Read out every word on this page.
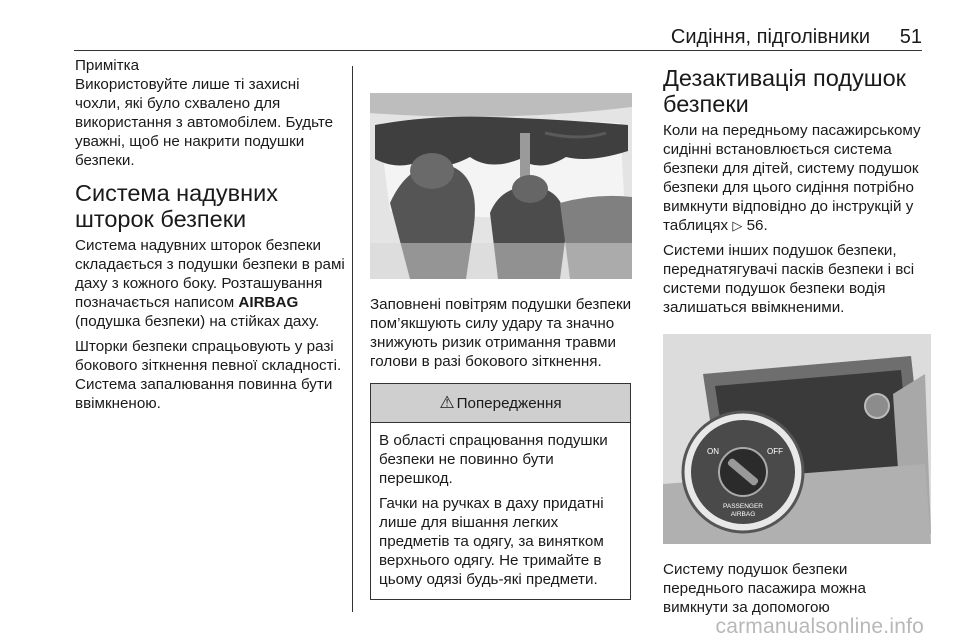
Сидіння, підголівники 51

Примітка

Використовуйте лише ті захисні чохли, які було схвалено для використання з автомобілем. Будьте уважні, щоб не накрити подушки безпеки.

Система надувних шторок безпеки

Система надувних шторок безпеки складається з подушки безпеки в рамі даху з кожного боку. Розташування позначається написом AIRBAG (подушка безпеки) на стійках даху.

Шторки безпеки спрацьовують у разі бокового зіткнення певної складності. Система запалювання повинна бути ввімкненою.

Заповнені повітрям подушки безпеки пом’якшують силу удару та значно знижують ризик отримання травми голови в разі бокового зіткнення.

⚠ Попередження

В області спрацювання подушки безпеки не повинно бути перешкод.

Гачки на ручках в даху придатні лише для вішання легких предметів та одягу, за винятком верхнього одягу. Не тримайте в цьому одязі будь-які предмети.

Дезактивація подушок безпеки

Коли на передньому пасажирському сидінні встановлюється система безпеки для дітей, систему подушок безпеки для цього сидіння потрібно вимкнути відповідно до інструкцій у таблицях ▷ 56.

Системи інших подушок безпеки, переднатягувачі пасків безпеки і всі системи подушок безпеки водія залишаться ввімкненими.

ON	OFF
PASSENGER
AIRBAG

Систему подушок безпеки переднього пасажира можна вимкнути за допомогою

carmanualsonline.info
